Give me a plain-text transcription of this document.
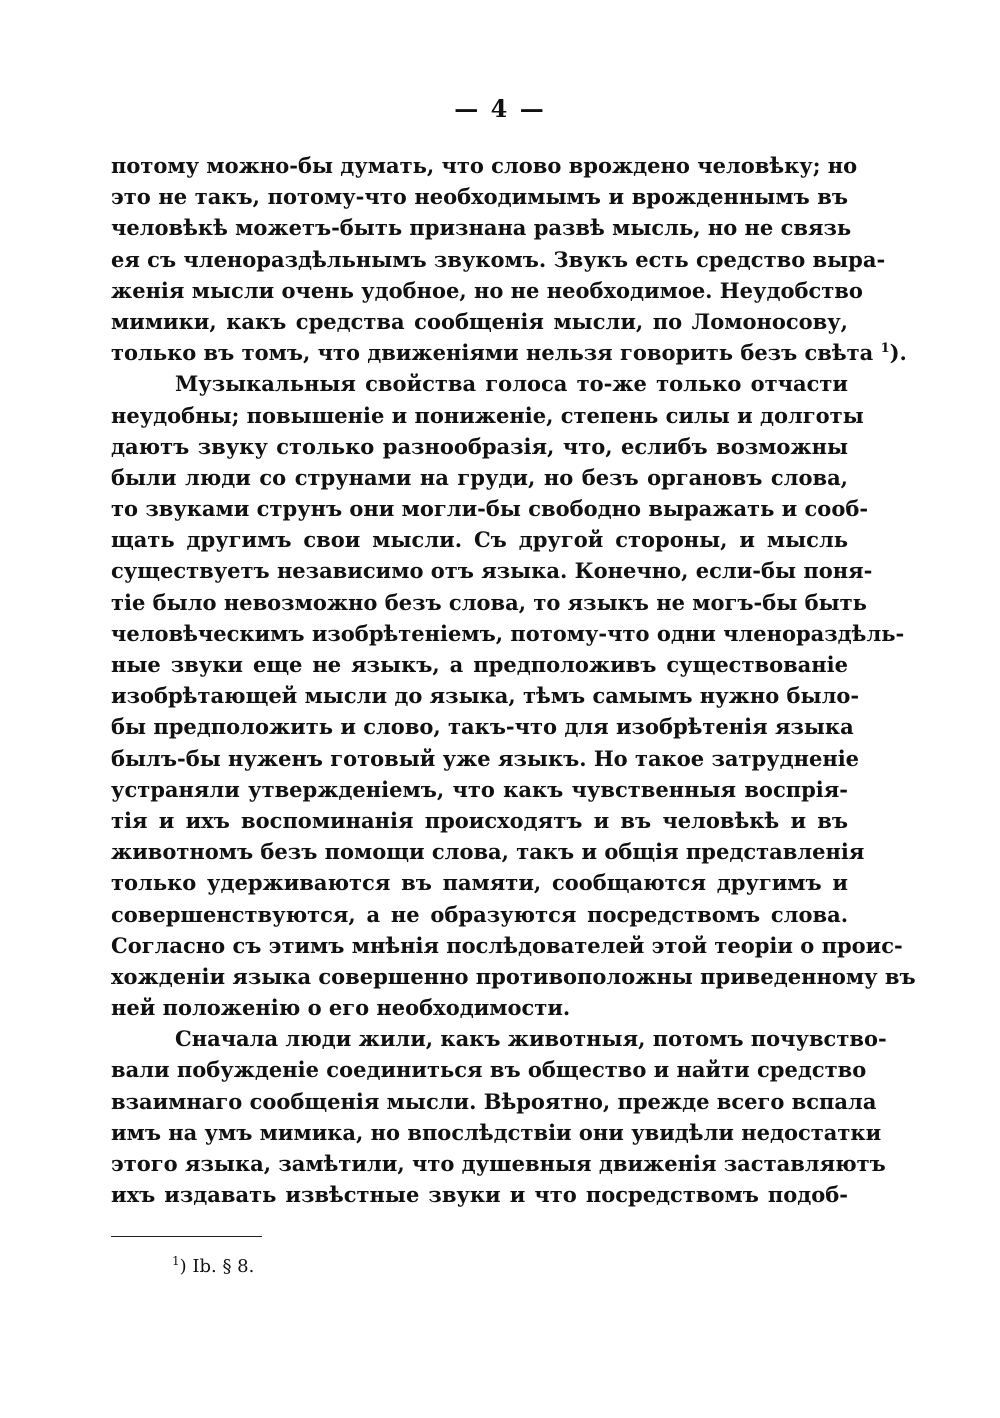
— 4 —
потому можно-бы думать, что слово врождено человѣку; но
это не такъ, потому-что необходимымъ и врожденнымъ въ
человѣкѣ можетъ-быть признана развѣ мысль, но не связь
ея съ членораздѣльнымъ звукомъ. Звукъ есть средство выра-
женія мысли очень удобное, но не необходимое. Неудобство
мимики, какъ средства сообщенія мысли, по Ломоносову,
только въ томъ, что движеніями нельзя говорить безъ свѣта $^1$).
Музыкальныя свойства голоса то-же только отчасти
неудобны; повышеніе и пониженіе, степень силы и долготы
даютъ звуку столько разнообразія, что, еслибъ возможны
были люди со струнами на груди, но безъ органовъ слова,
то звуками струнъ они могли-бы свободно выражать и сооб-
щать другимъ свои мысли. Съ другой стороны, и мысль
существуетъ независимо отъ языка. Конечно, если-бы поня-
тіе было невозможно безъ слова, то языкъ не могъ-бы быть
человѣческимъ изобрѣтеніемъ, потому-что одни членораздѣль-
ные звуки еще не языкъ, а предположивъ существованіе
изобрѣтающей мысли до языка, тѣмъ самымъ нужно было-
бы предположить и слово, такъ-что для изобрѣтенія языка
былъ-бы нуженъ готовый уже языкъ. Но такое затрудненіе
устраняли утвержденіемъ, что какъ чувственныя воспрія-
тія и ихъ воспоминанія происходятъ и въ человѣкѣ и въ
животномъ безъ помощи слова, такъ и общія представленія
только удерживаются въ памяти, сообщаются другимъ и
совершенствуются, а не образуются посредствомъ слова.
Согласно съ этимъ мнѣнія послѣдователей этой теоріи о проис-
хожденіи языка совершенно противоположны приведенному въ
ней положенію о его необходимости.
Сначала люди жили, какъ животныя, потомъ почувство-
вали побужденіе соединиться въ общество и найти средство
взаимнаго сообщенія мысли. Вѣроятно, прежде всего вспала
имъ на умъ мимика, но впослѣдствіи они увидѣли недостатки
этого языка, замѣтили, что душевныя движенія заставляютъ
ихъ издавать извѣстные звуки и что посредствомъ подоб-
$^1$) Ib. § 8.
